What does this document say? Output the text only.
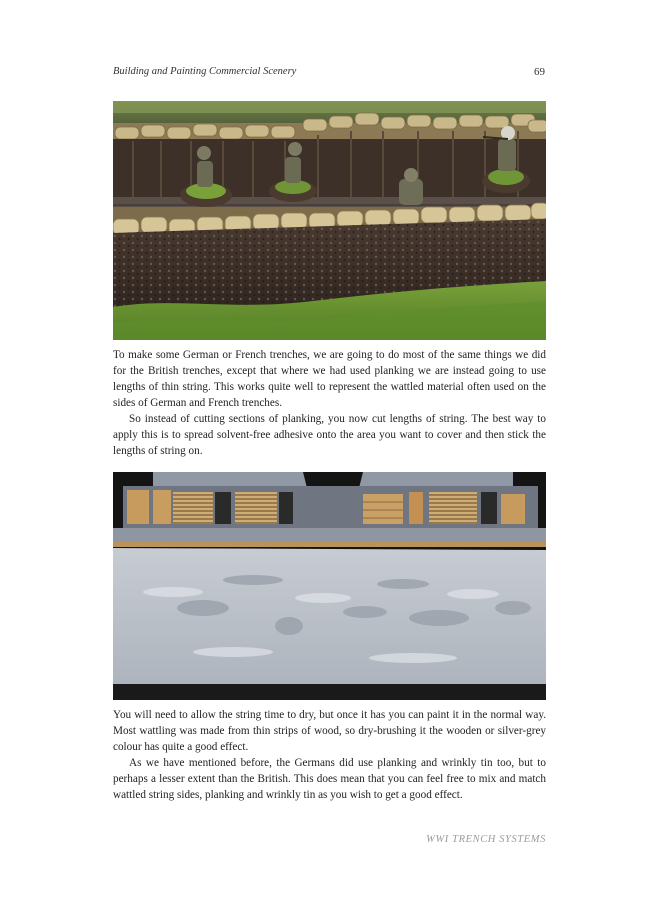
Building and Painting Commercial Scenery	69

To make some German or French trenches, we are going to do most of the same things we did for the British trenches, except that where we had used planking we are instead going to use lengths of thin string. This works quite well to represent the wattled material often used on the sides of German and French trenches.

So instead of cutting sections of planking, you now cut lengths of string. The best way to apply this is to spread solvent-free adhesive onto the area you want to cover and then stick the lengths of string on.

You will need to allow the string time to dry, but once it has you can paint it in the normal way. Most wattling was made from thin strips of wood, so dry-brushing it the wooden or silver-grey colour has quite a good effect.

As we have mentioned before, the Germans did use planking and wrinkly tin too, but to perhaps a lesser extent than the British. This does mean that you can feel free to mix and match wattled string sides, planking and wrinkly tin as you wish to get a good effect.

WWI TRENCH SYSTEMS
